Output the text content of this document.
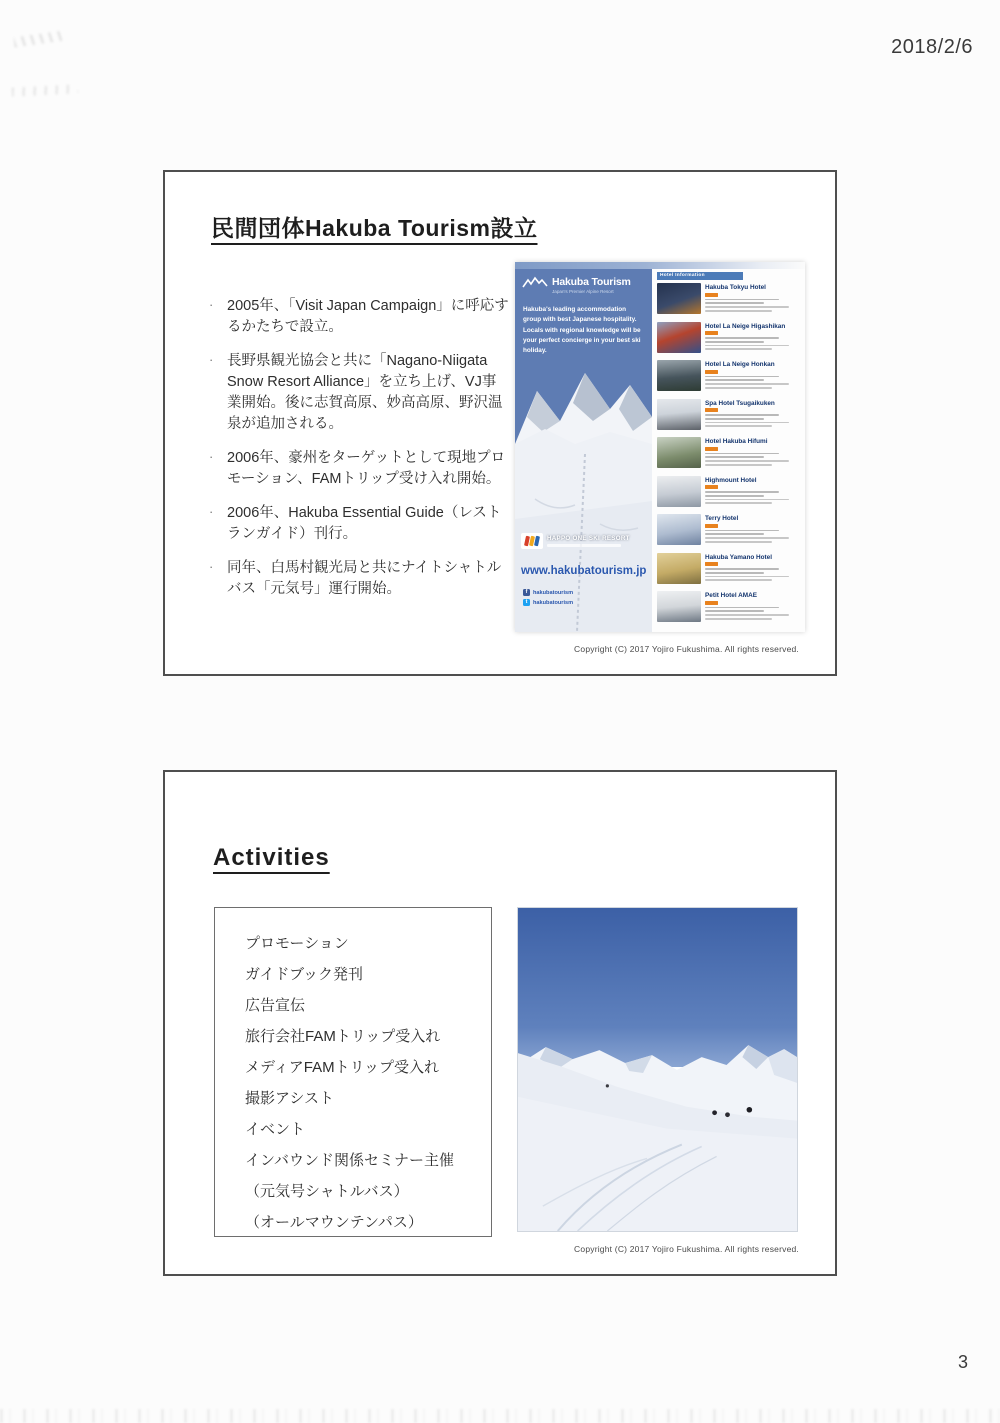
2018/2/6
民間団体Hakuba Tourism設立
· 2005年、「Visit Japan Campaign」に呼応するかたちで設立。
· 長野県観光協会と共に「Nagano-Niigata Snow Resort Alliance」を立ち上げ、VJ事業開始。後に志賀高原、妙高高原、野沢温泉が追加される。
· 2006年、豪州をターゲットとして現地プロモーション、FAMトリップ受け入れ開始。
· 2006年、Hakuba Essential Guide（レストランガイド）刊行。
· 同年、白馬村観光局と共にナイトシャトルバス「元気号」運行開始。
Hakuba Tourism
Japan's Premier Alpine Resort

Hakuba's leading accommodation group with best Japanese hospitality. Locals with regional knowledge will be your perfect concierge in your best ski holiday.

HAPPO ONE SKI RESORT
www.hakubatourism.jp
f hakubatourism
t hakubatourism
Hotel Information
Hakuba Tokyu Hotel
Hotel La Neige Higashikan
Hotel La Neige Honkan
Spa Hotel Tsugaikuken
Hotel Hakuba Hifumi
Highmount Hotel
Terry Hotel
Hakuba Yamano Hotel
Petit Hotel AMAE
Copyright (C) 2017 Yojiro Fukushima. All rights reserved.
Activities
プロモーション
ガイドブック発刊
広告宣伝
旅行会社FAMトリップ受入れ
メディアFAMトリップ受入れ
撮影アシスト
イベント
インバウンド関係セミナー主催
（元気号シャトルバス）
（オールマウンテンパス）
Copyright (C) 2017 Yojiro Fukushima. All rights reserved.
3
